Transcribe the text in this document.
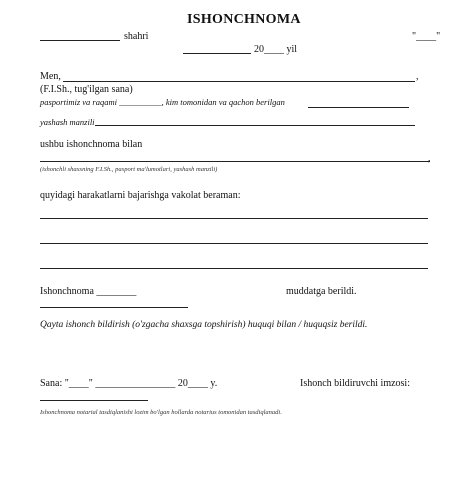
ISHONCHNOMA
shahri	"____"
20____ yil
Men,	,
(F.I.Sh., tug'ilgan sana)
pasportimiz va raqami __________, kim tomonidan va qachon berilgan
yashash manzili
ushbu ishonchnoma bilan
,
(ishonchli shaxsning F.I.Sh., pasport ma'lumotlari, yashash manzili)
quyidagi harakatlarni bajarishga vakolat beraman:
Ishonchnoma ________	muddatga berildi.
Qayta ishonch bildirish (o'zgacha shaxsga topshirish) huquqi bilan / huquqsiz berildi.
Sana: "____" ________________ 20____ y.	Ishonch bildiruvchi imzosi:
Ishonchnoma notarial tasdiqlanishi lozim bo'lgan hollarda notarius tomonidan tasdiqlanadi.
